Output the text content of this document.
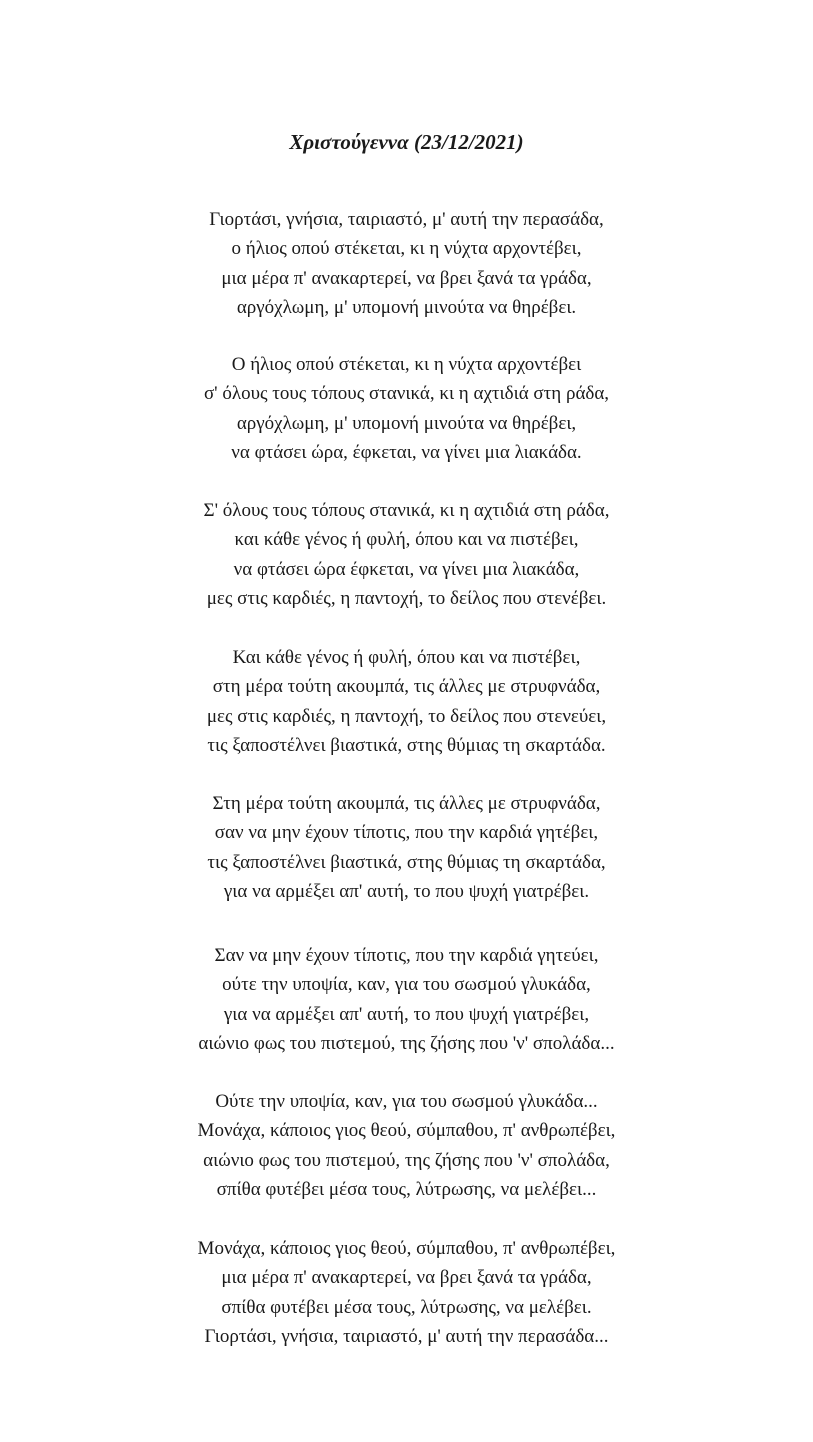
Χριστούγεννα (23/12/2021)
Γιορτάσι, γνήσια, ταιριαστό, μ' αυτή την περασάδα,
ο ήλιος οπού στέκεται, κι η νύχτα αρχοντέβει,
μια μέρα π' ανακαρτερεί, να βρει ξανά τα γράδα,
αργόχλωμη, μ' υπομονή μινούτα να θηρέβει.
Ο ήλιος οπού στέκεται, κι η νύχτα αρχοντέβει
σ' όλους τους τόπους στανικά, κι η αχτιδιά στη ράδα,
αργόχλωμη, μ' υπομονή μινούτα να θηρέβει,
να φτάσει ώρα, έφκεται, να γίνει μια λιακάδα.
Σ' όλους τους τόπους στανικά, κι η αχτιδιά στη ράδα,
και κάθε γένος ή φυλή, όπου και να πιστέβει,
να φτάσει ώρα έφκεται, να γίνει μια λιακάδα,
μες στις καρδιές, η παντοχή, το δείλος που στενέβει.
Και κάθε γένος ή φυλή, όπου και να πιστέβει,
στη μέρα τούτη ακουμπά, τις άλλες με στρυφνάδα,
μες στις καρδιές, η παντοχή, το δείλος που στενεύει,
τις ξαποστέλνει βιαστικά, στης θύμιας τη σκαρτάδα.
Στη μέρα τούτη ακουμπά, τις άλλες με στρυφνάδα,
σαν να μην έχουν τίποτις, που την καρδιά γητέβει,
τις ξαποστέλνει βιαστικά, στης θύμιας τη σκαρτάδα,
για να αρμέξει απ' αυτή, το που ψυχή γιατρέβει.
Σαν να μην έχουν τίποτις, που την καρδιά γητεύει,
ούτε την υποψία, καν, για του σωσμού γλυκάδα,
για να αρμέξει απ' αυτή, το που ψυχή γιατρέβει,
αιώνιο φως του πιστεμού, της ζήσης που 'ν' σπολάδα...
Ούτε την υποψία, καν, για του σωσμού γλυκάδα...
Μονάχα, κάποιος γιος θεού, σύμπαθου, π' ανθρωπέβει,
αιώνιο φως του πιστεμού, της ζήσης που 'ν' σπολάδα,
σπίθα φυτέβει μέσα τους, λύτρωσης, να μελέβει...
Μονάχα, κάποιος γιος θεού, σύμπαθου, π' ανθρωπέβει,
μια μέρα π' ανακαρτερεί, να βρει ξανά τα γράδα,
σπίθα φυτέβει μέσα τους, λύτρωσης, να μελέβει.
Γιορτάσι, γνήσια, ταιριαστό, μ' αυτή την περασάδα...
